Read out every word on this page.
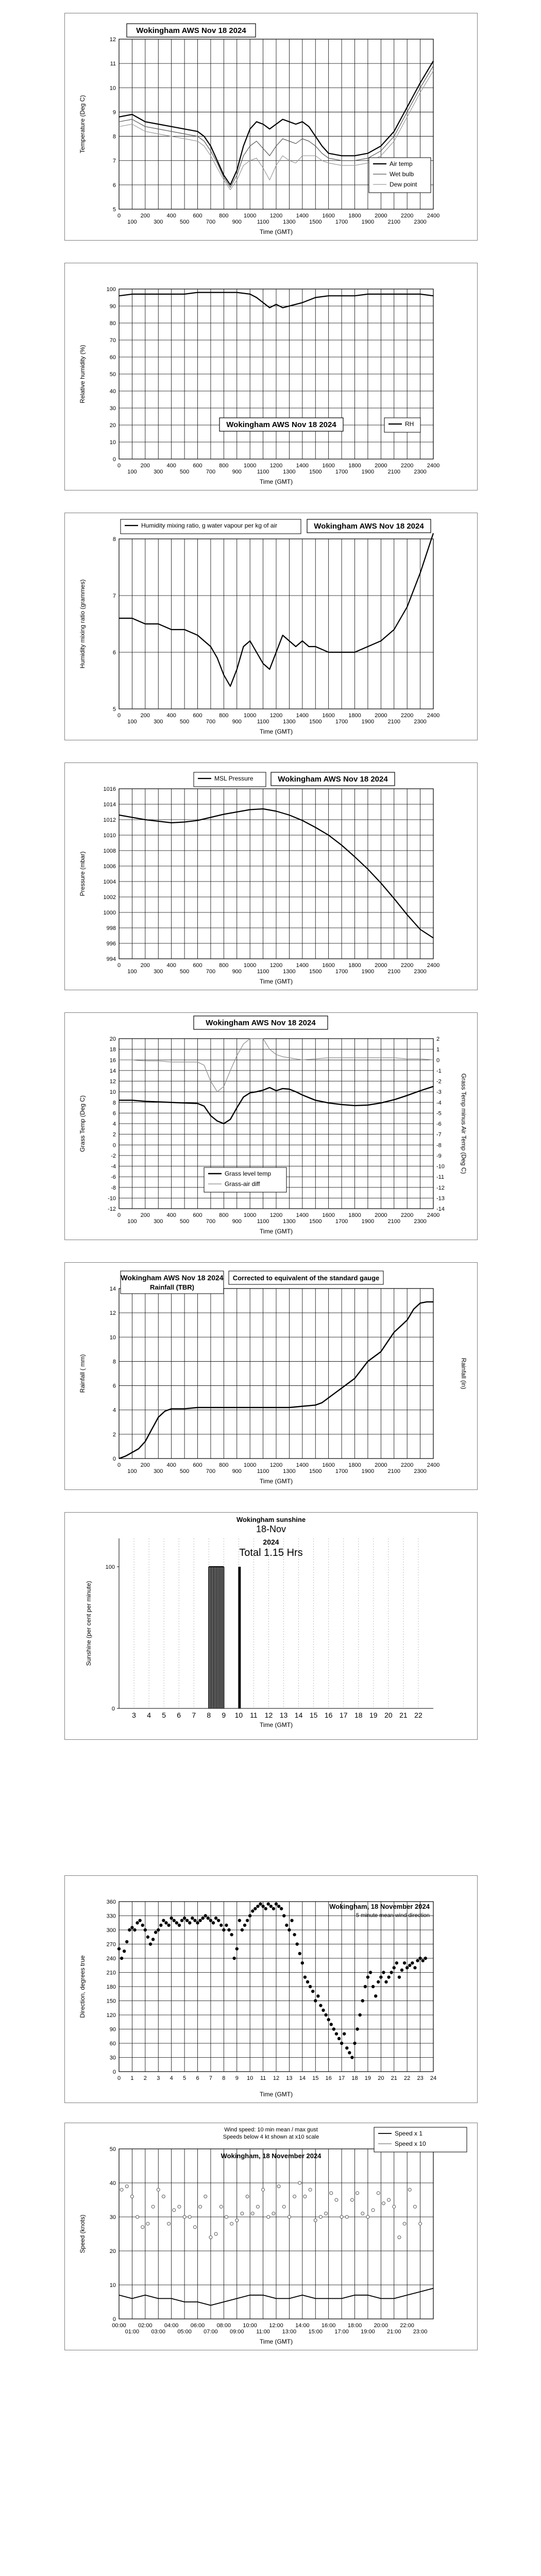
0
100
200
300
400
500
600
700
800
900
1000
1100
1200
1300
1400
1500
1600
1700
1800
1900
2000
2100
2200
2300
2400
5
6
7
8
9
10
11
12
Time (GMT)
Temperature (Deg C)
Wokingham AWS Nov 18 2024
Air temp
Wet bulb
Dew point
0
100
200
300
400
500
600
700
800
900
1000
1100
1200
1300
1400
1500
1600
1700
1800
1900
2000
2100
2200
2300
2400
0
10
20
30
40
50
60
70
80
90
100
Time (GMT)
Relative humidity (%)
Wokingham AWS Nov 18 2024	RH
0
100
200
300
400
500
600
700
800
900
1000
1100
1200
1300
1400
1500
1600
1700
1800
1900
2000
2100
2200
2300
2400
5
6
7
8
Time (GMT)
Humidity mixing ratio (grammes)
Humidity mixing ratio, g water vapour per kg of air	Wokingham AWS Nov 18 2024
0
100
200
300
400
500
600
700
800
900
1000
1100
1200
1300
1400
1500
1600
1700
1800
1900
2000
2100
2200
2300
2400
994
996
998
1000
1002
1004
1006
1008
1010
1012
1014
1016
Time (GMT)
Pressure (mbar)
MSL Pressure	Wokingham AWS Nov 18 2024
0
100
200
300
400
500
600
700
800
900
1000
1100
1200
1300
1400
1500
1600
1700
1800
1900
2000
2100
2200
2300
2400
-12
-10
-8
-6
-4
-2
0
2
4
6
8
10
12
14
16
18
20
Time (GMT)
Grass Temp (Deg C)
-14
-13
-12
-11
-10
-9
-8
-7
-6
-5
-4
-3
-2
-1
0
1
2
Grass Temp minus Air Temp (Deg C)
Wokingham AWS Nov 18 2024
Grass level temp
Grass-air diff
0
100
200
300
400
500
600
700
800
900
1000
1100
1200
1300
1400
1500
1600
1700
1800
1900
2000
2100
2200
2300
2400
0
2
4
6
8
10
12
14
Time (GMT)
Rainfall ( mm)
Wokingham AWS Nov 18 2024
Rainfall (TBR)
Corrected to equivalent of the standard gauge
Rainfall (in)
3 4 5 6 7 8 9 10 11 12 13 14 15 16 17 18 19 20 21 22
0
100
Wokingham sunshine
18-Nov
2024
Total 1.15 Hrs
Time (GMT)
Sunshine (per cent per minute)
0 1 2 3 4 5 6 7 8 9 10 11 12 13 14 15 16 17 18 19 20 21 22 23 24
0
30
60
90
120
150
180
210
240
270
300
330
360
Time (GMT)
Direction, degrees true
Wokingham, 18 November 2024
5 minute mean wind direction
00:00
01:00
02:00
03:00
04:00
05:00
06:00
07:00
08:00
09:00
10:00
11:00
12:00
13:00
14:00
15:00
16:00
17:00
18:00
19:00
20:00
21:00
22:00
23:00
0
10
20
30
40
50
Time (GMT)
Speed (knots)
Wind speed: 10 min mean / max gust
Speeds below 4 kt shown at x10 scale
Wokingham, 18 November 2024
Speed x 1
Speed x 10
